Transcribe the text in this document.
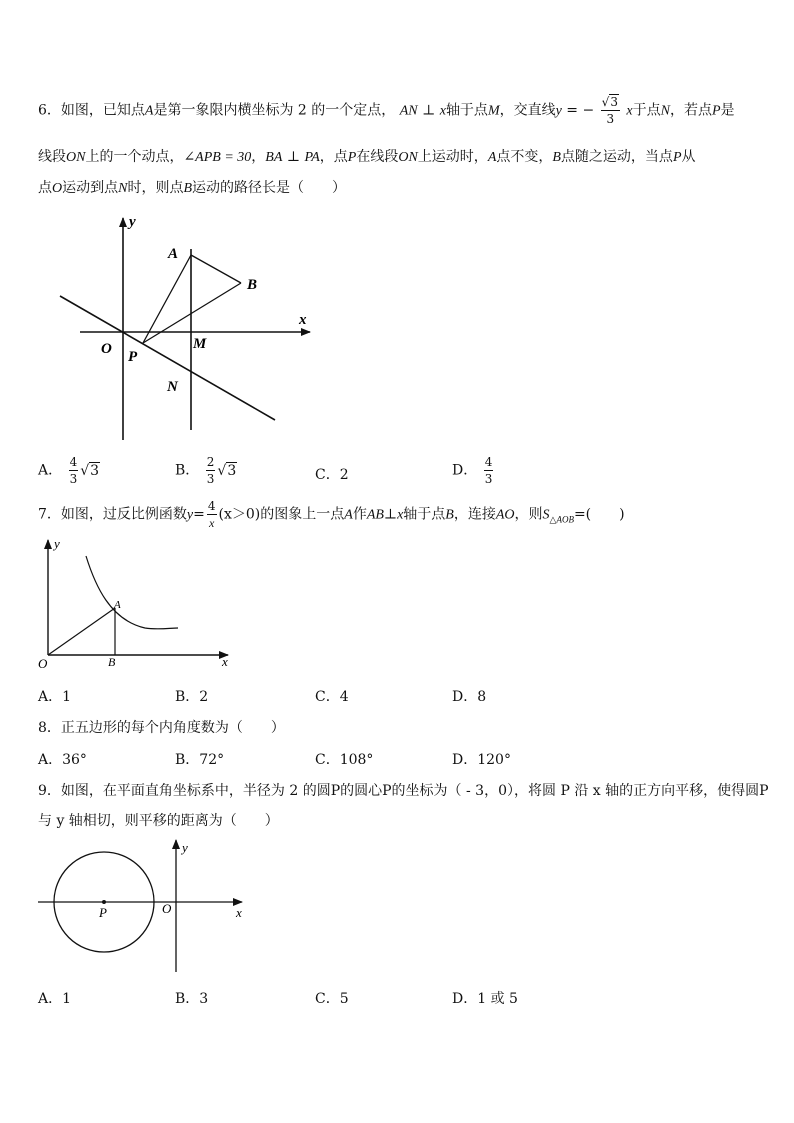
6．如图，已知点A是第一象限内横坐标为 2 的一个定点， AN ⊥ x轴于点M，交直线y = − $\frac{√3}{3}$ x于点N，若点P是
线段ON上的一个动点，∠APB = 30，BA ⊥ PA，点P在线段ON上运动时，A点不变，B点随之运动，当点P从
点O运动到点N时，则点B运动的路径长是（　　）
y
x
A
B
O P
M
N
A． $\frac{4}{3} √3$	B． $\frac{2}{3} √3$	C．2	D． $\frac{4}{3}$
7．如图，过反比例函数$y= \frac{4}{x} (x>0)$的图象上一点A作AB⊥x轴于点B，连接AO，则$S_{\triangle AOB}=$(　　)
y
x
A
B
O
A．1	B．2	C．4	D．8
8．正五边形的每个内角度数为（　　）
A．36°	B．72°	C．108°	D．120°
9．如图，在平面直角坐标系中，半径为 2 的圆P的圆心P的坐标为（ - 3，0），将圆 P 沿 x 轴的正方向平移，使得圆P
与 y 轴相切，则平移的距离为（　　）
y
x
P	O
A．1	B．3	C．5	D．1 或 5
